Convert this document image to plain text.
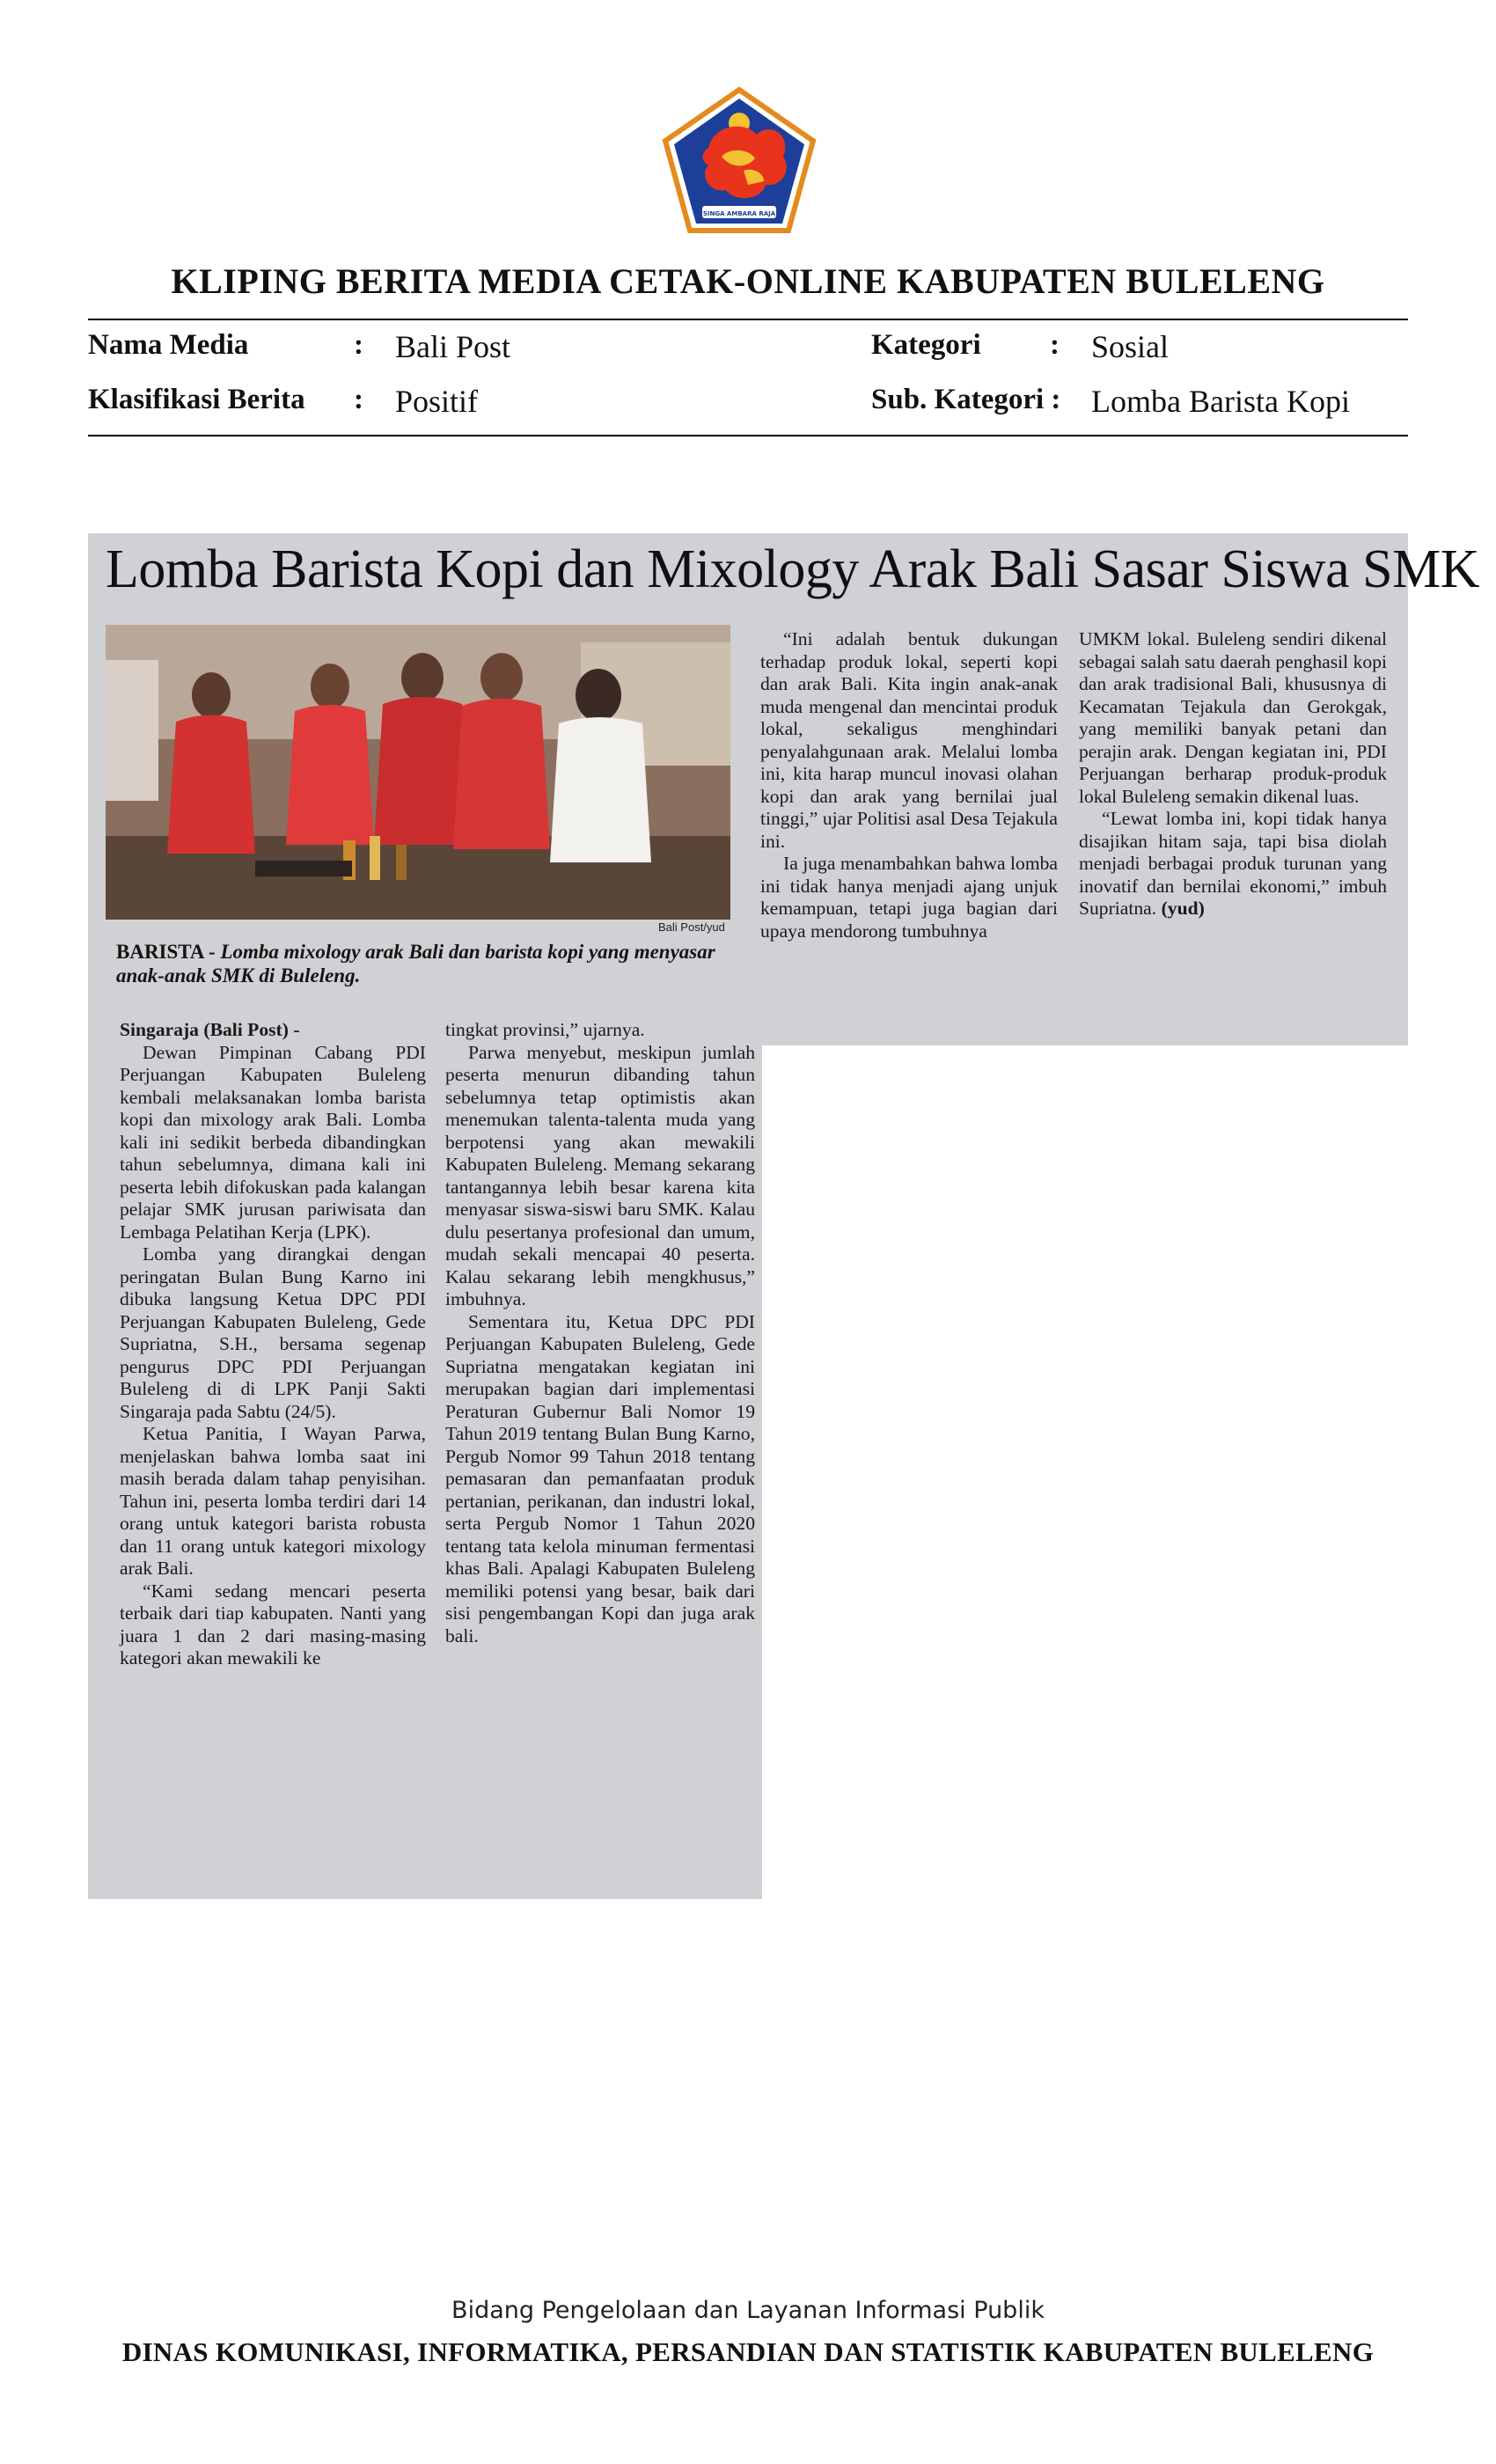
SINGA AMBARA RAJA
KLIPING BERITA MEDIA CETAK-ONLINE KABUPATEN BULELENG
Nama Media	: Bali Post
Klasifikasi Berita : Positif
Kategori : Sosial
Sub. Kategori : Lomba Barista Kopi
Lomba Barista Kopi dan Mixology Arak Bali Sasar Siswa SMK
Bali Post/yud
BARISTA - Lomba mixology arak Bali dan barista kopi yang menyasar anak-anak SMK di Buleleng.

Singaraja (Bali Post) -

Dewan Pimpinan Cabang PDI Perjuangan Kabupaten Buleleng kembali melaksanakan lomba barista kopi dan mixology arak Bali. Lomba kali ini sedikit berbeda dibandingkan tahun sebelumnya, dimana kali ini peserta lebih difokuskan pada kalangan pelajar SMK jurusan pariwisata dan Lembaga Pelatihan Kerja (LPK).

Lomba yang dirangkai dengan peringatan Bulan Bung Karno ini dibuka langsung Ketua DPC PDI Perjuangan Kabupaten Buleleng, Gede Supriatna, S.H., bersama segenap pengurus DPC PDI Perjuangan Buleleng di di LPK Panji Sakti Singaraja pada Sabtu (24/5).

Ketua Panitia, I Wayan Parwa, menjelaskan bahwa lomba saat ini masih berada dalam tahap penyisihan. Tahun ini, peserta lomba terdiri dari 14 orang untuk kategori barista robusta dan 11 orang untuk kategori mixology arak Bali.

“Kami sedang mencari peserta terbaik dari tiap kabupaten. Nanti yang juara 1 dan 2 dari masing-masing kategori akan mewakili ke

tingkat provinsi,” ujarnya.

Parwa menyebut, meskipun jumlah peserta menurun dibanding tahun sebelumnya tetap optimistis akan menemukan talenta-talenta muda yang berpotensi yang akan mewakili Kabupaten Buleleng. Memang sekarang tantangannya lebih besar karena kita menyasar siswa-siswi baru SMK. Kalau dulu pesertanya profesional dan umum, mudah sekali mencapai 40 peserta. Kalau sekarang lebih mengkhusus,” imbuhnya.

Sementara itu, Ketua DPC PDI Perjuangan Kabupaten Buleleng, Gede Supriatna mengatakan kegiatan ini merupakan bagian dari implementasi Peraturan Gubernur Bali Nomor 19 Tahun 2019 tentang Bulan Bung Karno, Pergub Nomor 99 Tahun 2018 tentang pemasaran dan pemanfaatan produk pertanian, perikanan, dan industri lokal, serta Pergub Nomor 1 Tahun 2020 tentang tata kelola minuman fermentasi khas Bali. Apalagi Kabupaten Buleleng memiliki potensi yang besar, baik dari sisi pengembangan Kopi dan juga arak bali.

“Ini adalah bentuk dukungan terhadap produk lokal, seperti kopi dan arak Bali. Kita ingin anak-anak muda mengenal dan mencintai produk lokal, sekaligus menghindari penyalahgunaan arak. Melalui lomba ini, kita harap muncul inovasi olahan kopi dan arak yang bernilai jual tinggi,” ujar Politisi asal Desa Tejakula ini.

Ia juga menambahkan bahwa lomba ini tidak hanya menjadi ajang unjuk kemampuan, tetapi juga bagian dari upaya mendorong tumbuhnya

UMKM lokal. Buleleng sendiri dikenal sebagai salah satu daerah penghasil kopi dan arak tradisional Bali, khususnya di Kecamatan Tejakula dan Gerokgak, yang memiliki banyak petani dan perajin arak. Dengan kegiatan ini, PDI Perjuangan berharap produk-produk lokal Buleleng semakin dikenal luas.

“Lewat lomba ini, kopi tidak hanya disajikan hitam saja, tapi bisa diolah menjadi berbagai produk turunan yang inovatif dan bernilai ekonomi,” imbuh Supriatna. (yud)

Bidang Pengelolaan dan Layanan Informasi Publik
DINAS KOMUNIKASI, INFORMATIKA, PERSANDIAN DAN STATISTIK KABUPATEN BULELENG
